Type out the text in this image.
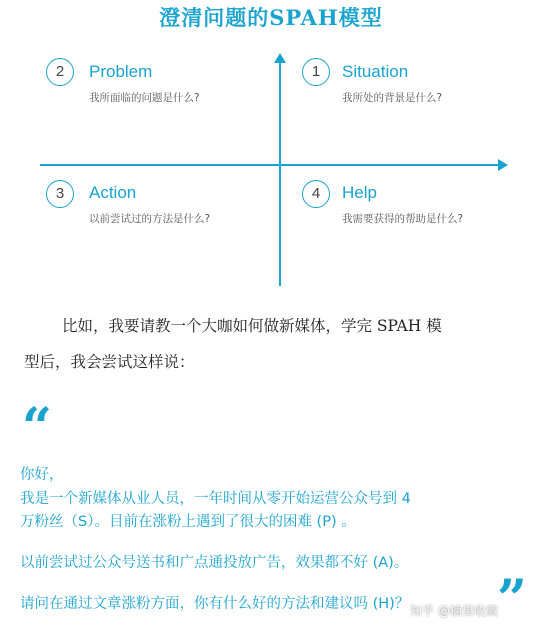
澄清问题的SPAH模型
2	Problem
我所面临的问题是什么?
1	Situation
我所处的背景是什么?
3	Action
以前尝试过的方法是什么?
4	Help
我需要获得的帮助是什么?
比如，我要请教一个大咖如何做新媒体，学完 SPAH 模
型后，我会尝试这样说：
“
你好，
我是一个新媒体从业人员，一年时间从零开始运营公众号到 4
万粉丝（S）。目前在涨粉上遇到了很大的困难 (P) 。
以前尝试过公众号送书和广点通投放广告，效果都不好 (A)。
请问在通过文章涨粉方面，你有什么好的方法和建议吗 (H)？	”
知乎 @楠果收藏
